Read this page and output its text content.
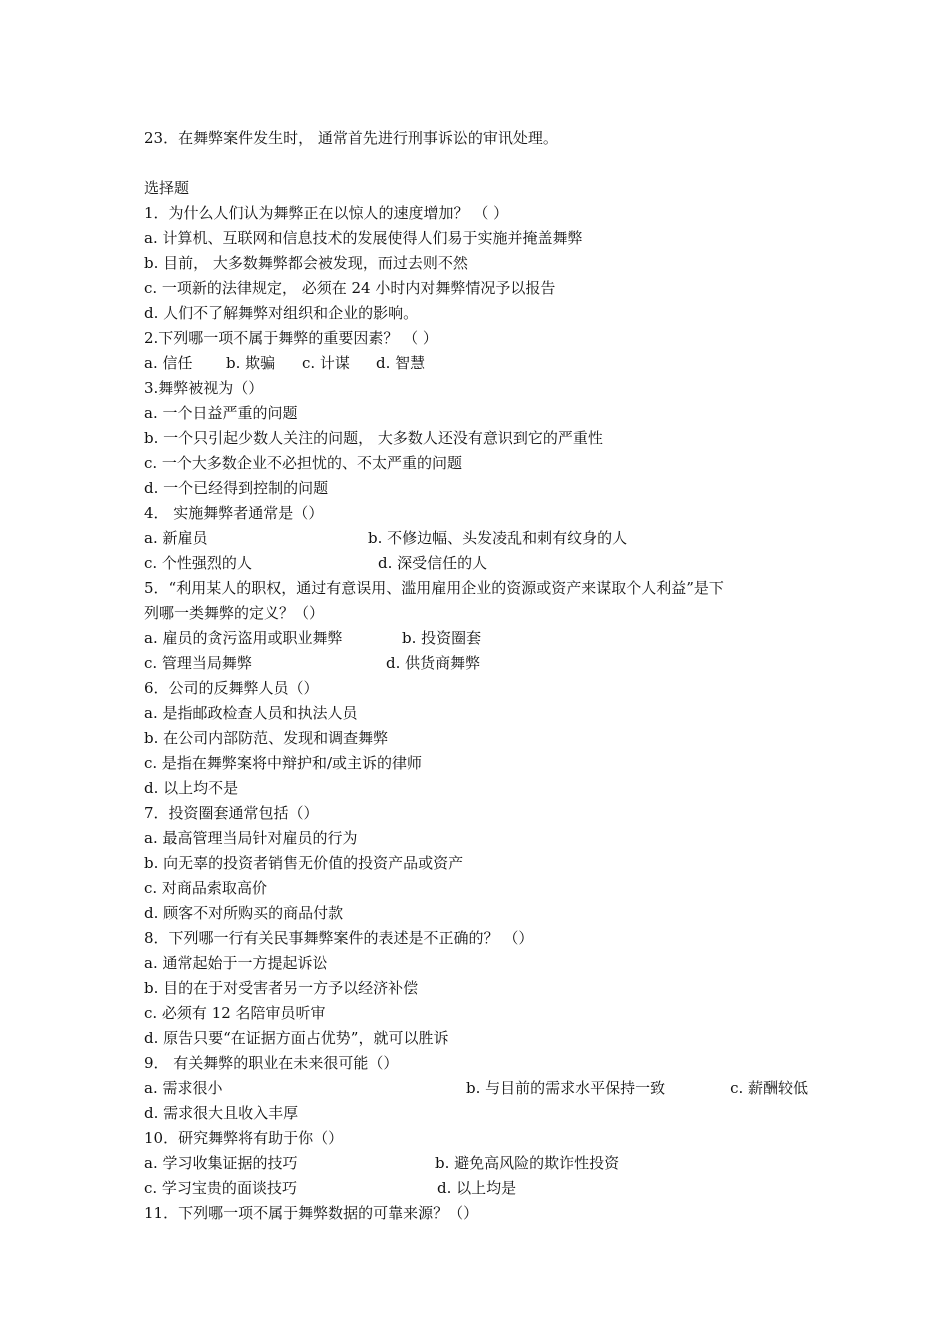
23．在舞弊案件发生时， 通常首先进行刑事诉讼的审讯处理。
选择题
1．为什么人们认为舞弊正在以惊人的速度增加？ （ ）
a. 计算机、互联网和信息技术的发展使得人们易于实施并掩盖舞弊
b. 目前， 大多数舞弊都会被发现，而过去则不然
c. 一项新的法律规定， 必须在 24 小时内对舞弊情况予以报告
d. 人们不了解舞弊对组织和企业的影响。
2.下列哪一项不属于舞弊的重要因素？ （ ）
a. 信任 b. 欺骗 c. 计谋 d. 智慧
3.舞弊被视为（）
a. 一个日益严重的问题
b. 一个只引起少数人关注的问题， 大多数人还没有意识到它的严重性
c. 一个大多数企业不必担忧的、不太严重的问题
d. 一个已经得到控制的问题
4． 实施舞弊者通常是（）
a. 新雇员	b. 不修边幅、头发凌乱和刺有纹身的人
c. 个性强烈的人	d. 深受信任的人
5．“利用某人的职权，通过有意误用、滥用雇用企业的资源或资产来谋取个人利益”是下
列哪一类舞弊的定义？（）
a. 雇员的贪污盗用或职业舞弊	b. 投资圈套
c. 管理当局舞弊	d. 供货商舞弊
6．公司的反舞弊人员（）
a. 是指邮政检查人员和执法人员
b. 在公司内部防范、发现和调查舞弊
c. 是指在舞弊案将中辩护和/或主诉的律师
d. 以上均不是
7．投资圈套通常包括（）
a. 最高管理当局针对雇员的行为
b. 向无辜的投资者销售无价值的投资产品或资产
c. 对商品索取高价
d. 顾客不对所购买的商品付款
8．下列哪一行有关民事舞弊案件的表述是不正确的？ （）
a. 通常起始于一方提起诉讼
b. 目的在于对受害者另一方予以经济补偿
c. 必须有 12 名陪审员听审
d. 原告只要“在证据方面占优势”，就可以胜诉
9． 有关舞弊的职业在未来很可能（）
a. 需求很小	b. 与目前的需求水平保持一致	c. 薪酬较低
d. 需求很大且收入丰厚
10．研究舞弊将有助于你（）
a. 学习收集证据的技巧	b. 避免高风险的欺诈性投资
c. 学习宝贵的面谈技巧	d. 以上均是
11．下列哪一项不属于舞弊数据的可靠来源？（）
